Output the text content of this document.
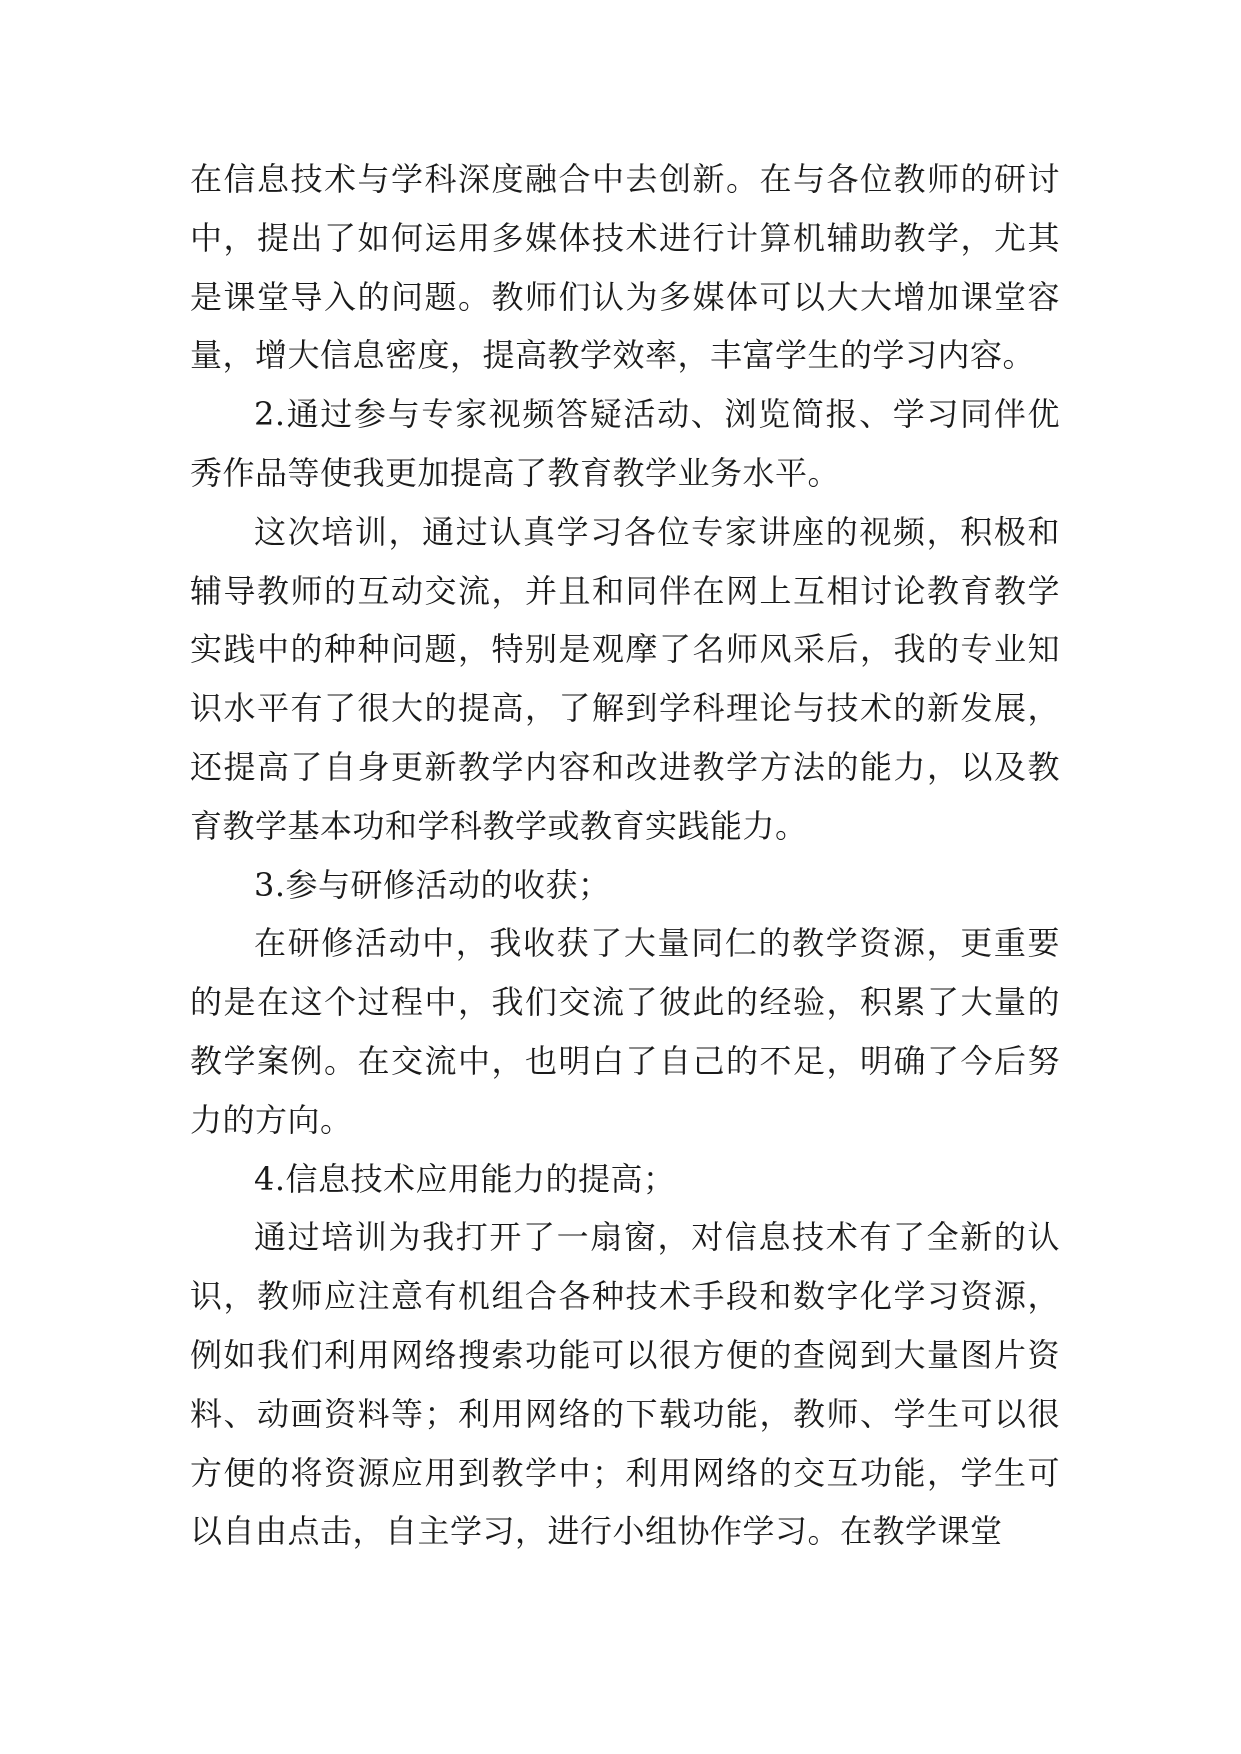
在信息技术与学科深度融合中去创新。在与各位教师的研讨中，提出了如何运用多媒体技术进行计算机辅助教学，尤其是课堂导入的问题。教师们认为多媒体可以大大增加课堂容量，增大信息密度，提高教学效率，丰富学生的学习内容。

2.通过参与专家视频答疑活动、浏览简报、学习同伴优秀作品等使我更加提高了教育教学业务水平。

这次培训，通过认真学习各位专家讲座的视频，积极和辅导教师的互动交流，并且和同伴在网上互相讨论教育教学实践中的种种问题，特别是观摩了名师风采后，我的专业知识水平有了很大的提高，了解到学科理论与技术的新发展，还提高了自身更新教学内容和改进教学方法的能力，以及教育教学基本功和学科教学或教育实践能力。

3.参与研修活动的收获；

在研修活动中，我收获了大量同仁的教学资源，更重要的是在这个过程中，我们交流了彼此的经验，积累了大量的教学案例。在交流中，也明白了自己的不足，明确了今后努力的方向。

4.信息技术应用能力的提高；

通过培训为我打开了一扇窗，对信息技术有了全新的认识，教师应注意有机组合各种技术手段和数字化学习资源，例如我们利用网络搜索功能可以很方便的查阅到大量图片资料、动画资料等；利用网络的下载功能，教师、学生可以很方便的将资源应用到教学中；利用网络的交互功能，学生可以自由点击，自主学习，进行小组协作学习。在教学课堂
